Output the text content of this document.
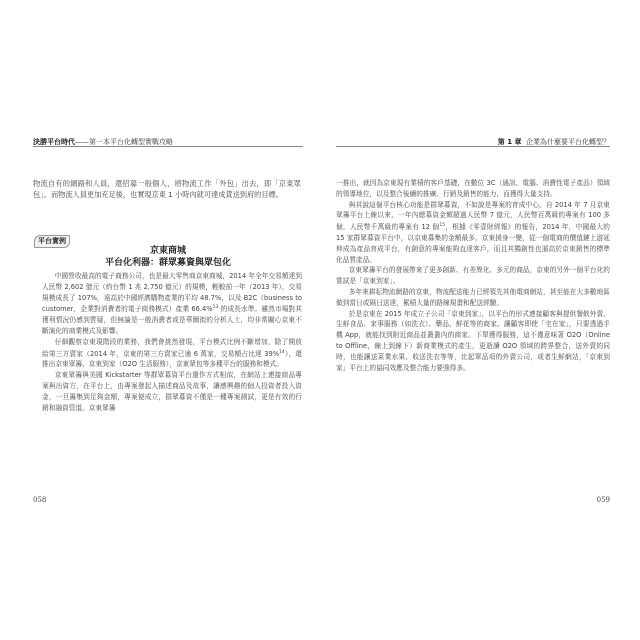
決勝平台時代——第一本平台化轉型實戰攻略

物流自有的網路和人員，還招募一般個人，將物流工作「外包」出去，即「京東眾包」。而物流人員更加充足後，也實現京東 1 小時內就可達成貨送到府的目標。

平台實例
京東商城
平台化利器：群眾募資與眾包化

中國營收最高的電子商務公司，也是最大零售商京東商城，2014 年全年交易額達到人民幣 2,602 億元（約台幣 1 兆 2,750 億元）的規模，輕較前一年（2013 年），交易規模成長了 107%，遠高於中國經濟購物產業的平均 48.7%，以及 B2C（business to customer，企業對消費者的電子商務模式）產業 66.4%$^{13}$ 的成長水準。雖然市場對其獲利情況仍感到質疑，但無論是一般消費者或是華爾街的分析人士，均非常關心京東不斷演化的商業模式及影響。

仔細觀察京東現階段的業務，我們會挑然發現，平台模式比例不斷增加，除了開放給第三方賣家（2014 年，京東的第三方賣家已逾 6 萬家，交易額占比達 39%$^{14}$），還推出京東眾籌、京東到家（O2O 生活服務），京東眾包等多種平台的服務和模式。

京東眾籌與美國 Kickstarter 等群眾募資平台運作方式相似，在網站上連接商品專案與出資方，在平台上，由專案發起人描述商品及故事，讓感興趣的個人投資者投入資金，一旦籌集到足夠金額，專案便成立，群眾募資不僅是一種專案測試，更是有效的行銷和融資管道。京東眾籌

058
第 1 章 企業為什麼要平台化轉型？

一推出，就因為京東現有業積的客戶基礎，在數位 3C（通訊、電腦、消費性電子產品）領域的領導地位，以及整合後續的推廣、行銷及銷售的能力，而獲得大量支持。

與其說這個平台核心功能是群眾募資，不如說是專案的育成中心。自 2014 年 7 月京東眾籌平台上線以來，一年內總募資金額超過人民幣 7 億元，人民幣百萬級的專案有 100 多個，人民幣千萬級的專案有 12 個$^{15}$，根據《零壹財經報》的報告，2014 年，中國最大的 15 家群眾募資平台中，以京東募集的金額最多。京東援身一變，從一個電商的價值鏈上游延伸成為產品育成平台，有創意的專案能夠直達客戶，而且其獨創性也逼高於京東銷售的標準化品質產品。

京東眾籌平台的發展帶來了更多創新、有差異化、多元的商品，京東的另外一個平台化的嘗試是「京東到家」。

多年來耕耘物流網路的京東，物流配送能力已經領先其他電商網站，甚至能在大多數地區做到當日或隔日送達，累積大量的路線規畫和配送經驗。

於是京東在 2015 年成立子公司「京東到家」，以平台的形式連接顧客與提供餐飲外賣、生鮮食品、家事服務（如洗衣）、藥品，鮮花等的商家。讓顧客即使「宅在家」，只要透過手機 App，就能找到附近商品並叢叢內的商家。下單獲得服務，這不僅意味著 O2O（Online to Offline，線上到線下）新商業模式的產生，更逝讀 O2O 領域的跨界整合，送外賣的同時，也能讓送菜業水果、收送洗衣等等，比起單品項的外賣公司，或者生鮮網站，「京東到家」平台上的協同效應及整合能力要強得多。

059
